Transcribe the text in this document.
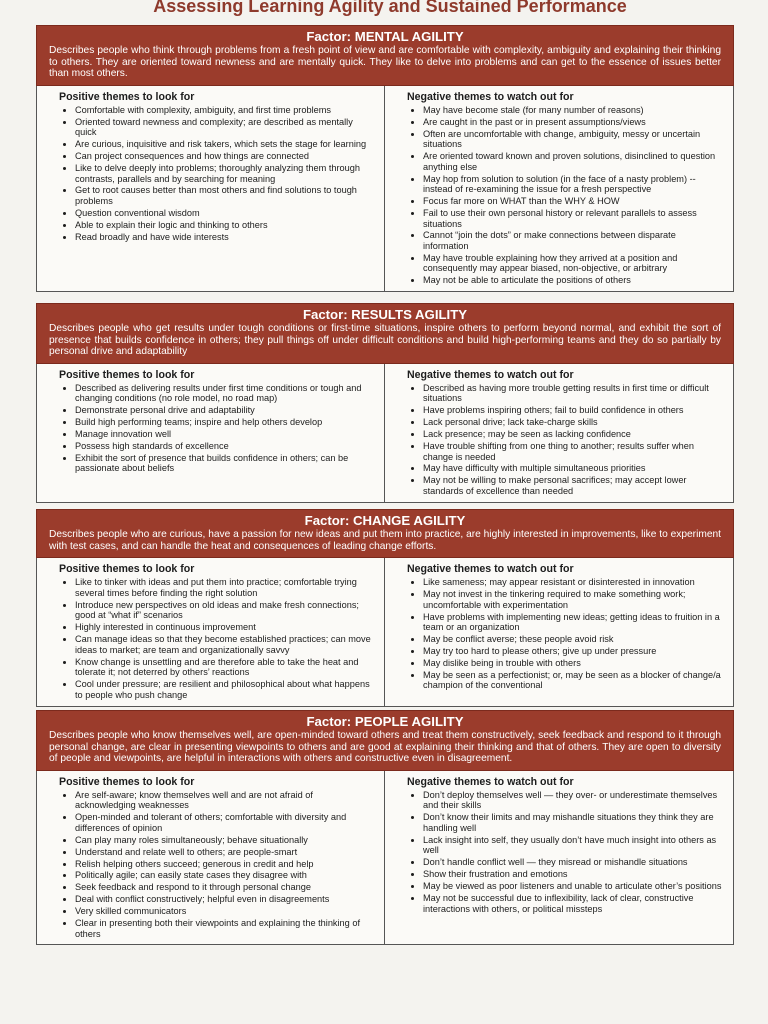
Assessing Learning Agility and Sustained Performance
Factor: MENTAL AGILITY
Describes people who think through problems from a fresh point of view and are comfortable with complexity, ambiguity and explaining their thinking to others. They are oriented toward newness and are mentally quick. They like to delve into problems and can get to the essence of issues better than most others.
Positive themes to look for
• Comfortable with complexity, ambiguity, and first time problems
• Oriented toward newness and complexity; are described as mentally quick
• Are curious, inquisitive and risk takers, which sets the stage for learning
• Can project consequences and how things are connected
• Like to delve deeply into problems; thoroughly analyzing them through contrasts, parallels and by searching for meaning
• Get to root causes better than most others and find solutions to tough problems
• Question conventional wisdom
• Able to explain their logic and thinking to others
• Read broadly and have wide interests
Negative themes to watch out for
• May have become stale (for many number of reasons)
• Are caught in the past or in present assumptions/views
• Often are uncomfortable with change, ambiguity, messy or uncertain situations
• Are oriented toward known and proven solutions, disinclined to question anything else
• May hop from solution to solution (in the face of a nasty problem) -- instead of re-examining the issue for a fresh perspective
• Focus far more on WHAT than the WHY & HOW
• Fail to use their own personal history or relevant parallels to assess situations
• Cannot “join the dots” or make connections between disparate information
• May have trouble explaining how they arrived at a position and consequently may appear biased, non-objective, or arbitrary
• May not be able to articulate the positions of others
Factor: RESULTS AGILITY
Describes people who get results under tough conditions or first-time situations, inspire others to perform beyond normal, and exhibit the sort of presence that builds confidence in others; they pull things off under difficult conditions and build high-performing teams and they do so partially by personal drive and adaptability
Positive themes to look for
• Described as delivering results under first time conditions or tough and changing conditions (no role model, no road map)
• Demonstrate personal drive and adaptability
• Build high performing teams; inspire and help others develop
• Manage innovation well
• Possess high standards of excellence
• Exhibit the sort of presence that builds confidence in others; can be passionate about beliefs
Negative themes to watch out for
• Described as having more trouble getting results in first time or difficult situations
• Have problems inspiring others; fail to build confidence in others
• Lack personal drive; lack take-charge skills
• Lack presence; may be seen as lacking confidence
• Have trouble shifting from one thing to another; results suffer when change is needed
• May have difficulty with multiple simultaneous priorities
• May not be willing to make personal sacrifices; may accept lower standards of excellence than needed
Factor: CHANGE AGILITY
Describes people who are curious, have a passion for new ideas and put them into practice, are highly interested in improvements, like to experiment with test cases, and can handle the heat and consequences of leading change efforts.
Positive themes to look for
• Like to tinker with ideas and put them into practice; comfortable trying several times before finding the right solution
• Introduce new perspectives on old ideas and make fresh connections; good at “what if” scenarios
• Highly interested in continuous improvement
• Can manage ideas so that they become established practices; can move ideas to market; are team and organizationally savvy
• Know change is unsettling and are therefore able to take the heat and tolerate it; not deterred by others’ reactions
• Cool under pressure; are resilient and philosophical about what happens to people who push change
Negative themes to watch out for
• Like sameness; may appear resistant or disinterested in innovation
• May not invest in the tinkering required to make something work; uncomfortable with experimentation
• Have problems with implementing new ideas; getting ideas to fruition in a team or an organization
• May be conflict averse; these people avoid risk
• May try too hard to please others; give up under pressure
• May dislike being in trouble with others
• May be seen as a perfectionist; or, may be seen as a blocker of change/a champion of the conventional
Factor: PEOPLE AGILITY
Describes people who know themselves well, are open-minded toward others and treat them constructively, seek feedback and respond to it through personal change, are clear in presenting viewpoints to others and are good at explaining their thinking and that of others. They are open to diversity of people and viewpoints, are helpful in interactions with others and constructive even in disagreement.
Positive themes to look for
• Are self-aware; know themselves well and are not afraid of acknowledging weaknesses
• Open-minded and tolerant of others; comfortable with diversity and differences of opinion
• Can play many roles simultaneously; behave situationally
• Understand and relate well to others; are people-smart
• Relish helping others succeed; generous in credit and help
• Politically agile; can easily state cases they disagree with
• Seek feedback and respond to it through personal change
• Deal with conflict constructively; helpful even in disagreements
• Very skilled communicators
• Clear in presenting both their viewpoints and explaining the thinking of others
Negative themes to watch out for
• Don’t deploy themselves well — they over- or underestimate themselves and their skills
• Don’t know their limits and may mishandle situations they think they are handling well
• Lack insight into self, they usually don’t have much insight into others as well
• Don’t handle conflict well — they misread or mishandle situations
• Show their frustration and emotions
• May be viewed as poor listeners and unable to articulate other’s positions
• May not be successful due to inflexibility, lack of clear, constructive interactions with others, or political missteps
